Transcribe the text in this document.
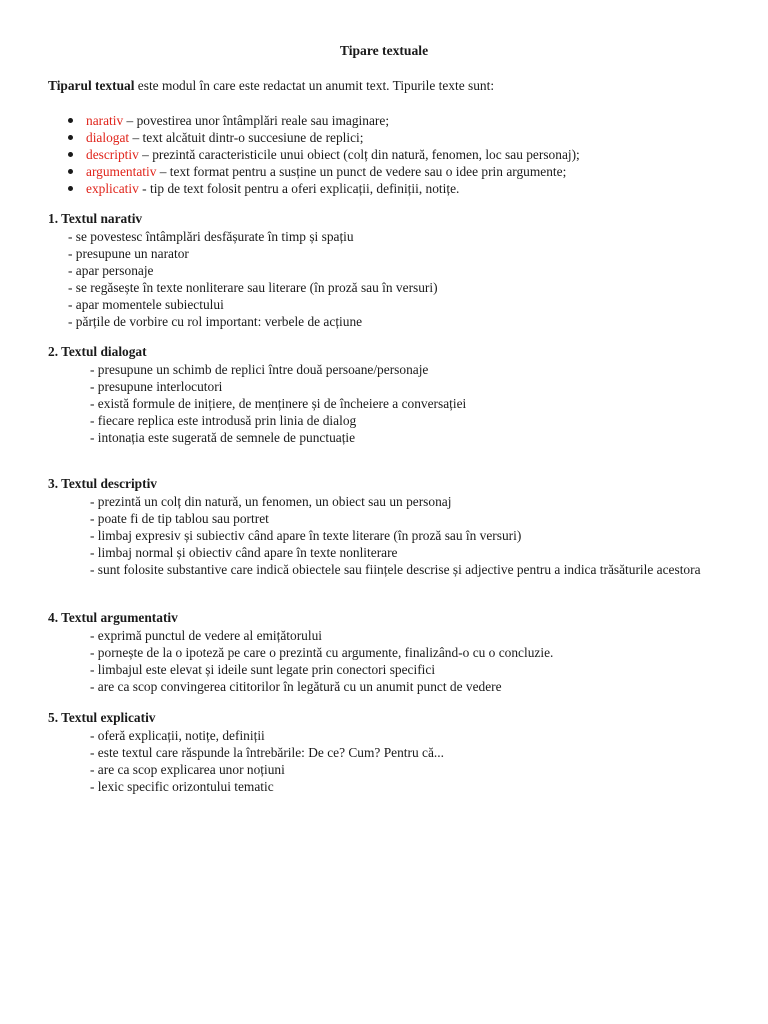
Tipare textuale
Tiparul textual este modul în care este redactat un anumit text. Tipurile texte sunt:
narativ – povestirea unor întâmplări reale sau imaginare;
dialogat – text alcătuit dintr-o succesiune de replici;
descriptiv – prezintă caracteristicile unui obiect (colț din natură, fenomen, loc sau personaj);
argumentativ – text format pentru a susține un punct de vedere sau o idee prin argumente;
explicativ - tip de text folosit pentru a oferi explicații, definiții, notițe.
1. Textul narativ
- se povestesc întâmplări desfășurate în timp și spațiu
- presupune un narator
- apar personaje
- se regăsește în texte nonliterare sau literare (în proză sau în versuri)
- apar momentele subiectului
- părțile de vorbire cu rol important: verbele de acțiune
2. Textul dialogat
- presupune un schimb de replici între două persoane/personaje
- presupune interlocutori
- există formule de inițiere, de menținere și de încheiere a conversației
- fiecare replica este introdusă prin linia de dialog
- intonația este sugerată de semnele de punctuație
3. Textul descriptiv
- prezintă un colț din natură, un fenomen, un obiect sau un personaj
- poate fi de tip tablou sau portret
- limbaj expresiv și subiectiv când apare în texte literare (în proză sau în versuri)
- limbaj normal și obiectiv când apare în texte nonliterare
- sunt folosite substantive care indică obiectele sau ființele descrise și adjective pentru a indica trăsăturile acestora
4. Textul argumentativ
- exprimă punctul de vedere al emițătorului
- pornește de la o ipoteză pe care o prezintă cu argumente, finalizând-o cu o concluzie.
- limbajul este elevat și ideile sunt legate prin conectori specifici
- are ca scop convingerea cititorilor în legătură cu un anumit punct de vedere
5. Textul explicativ
- oferă explicații, notițe, definiții
- este textul care răspunde la întrebările: De ce? Cum? Pentru că...
- are ca scop explicarea unor noțiuni
- lexic specific orizontului tematic
